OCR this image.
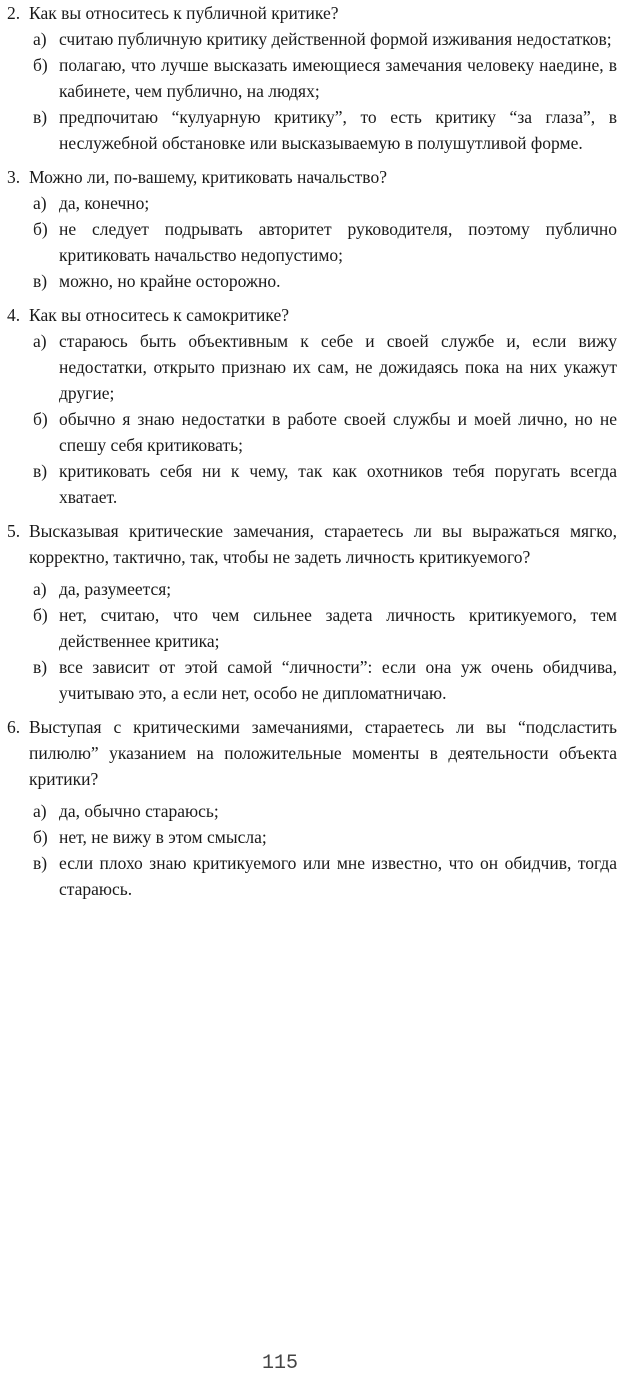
2. Как вы относитесь к публичной критике?
а) считаю публичную критику действенной формой изживания недостатков;
б) полагаю, что лучше высказать имеющиеся замечания человеку наедине, в кабинете, чем публично, на людях;
в) предпочитаю “кулуарную критику”, то есть критику “за глаза”, в неслужебной обстановке или высказываемую в полушутливой форме.
3. Можно ли, по-вашему, критиковать начальство?
а) да, конечно;
б) не следует подрывать авторитет руководителя, поэтому публично критиковать начальство недопустимо;
в) можно, но крайне осторожно.
4. Как вы относитесь к самокритике?
а) стараюсь быть объективным к себе и своей службе и, если вижу недостатки, открыто признаю их сам, не дожидаясь пока на них укажут другие;
б) обычно я знаю недостатки в работе своей службы и моей лично, но не спешу себя критиковать;
в) критиковать себя ни к чему, так как охотников тебя поругать всегда хватает.
5. Высказывая критические замечания, стараетесь ли вы выражаться мягко, корректно, тактично, так, чтобы не задеть личность критикуемого?
а) да, разумеется;
б) нет, считаю, что чем сильнее задета личность критикуемого, тем действеннее критика;
в) все зависит от этой самой “личности”: если она уж очень обидчива, учитываю это, а если нет, особо не дипломатничаю.
6. Выступая с критическими замечаниями, стараетесь ли вы “подсластить пилюлю” указанием на положительные моменты в деятельности объекта критики?
а) да, обычно стараюсь;
б) нет, не вижу в этом смысла;
в) если плохо знаю критикуемого или мне известно, что он обидчив, тогда стараюсь.
115
